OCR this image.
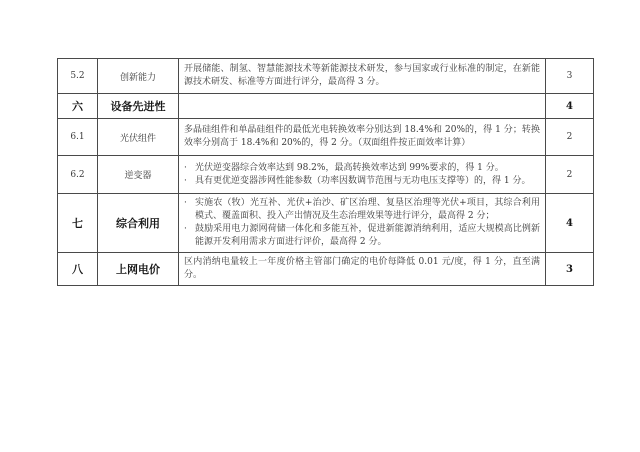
5.2	创新能力	开展储能、制氢、智慧能源技术等新能源技术研发，参与国家或行业标准的制定，在新能源技术研发、标准等方面进行评分，最高得 3 分。	3
六	设备先进性		4
6.1	光伏组件	多晶硅组件和单晶硅组件的最低光电转换效率分别达到 18.4%和 20%的，得 1 分；转换效率分别高于 18.4%和 20%的，得 2 分。（双面组件按正面效率计算）	2
6.2	逆变器	· 光伏逆变器综合效率达到 98.2%，最高转换效率达到 99%要求的，得 1 分。
· 具有更优逆变器涉网性能参数（功率因数调节范围与无功电压支撑等）的，得 1 分。	2
七	综合利用	· 实施农（牧）光互补、光伏+治沙、矿区治理、复垦区治理等光伏+项目，其综合利用模式、覆盖面积、投入产出情况及生态治理效果等进行评分，最高得 2 分；
· 鼓励采用电力源网荷储一体化和多能互补，促进新能源消纳利用，适应大规模高比例新能源开发利用需求方面进行评价，最高得 2 分。	4
八	上网电价	区内消纳电量较上一年度价格主管部门确定的电价每降低 0.01 元/度，得 1 分，直至满分。	3
